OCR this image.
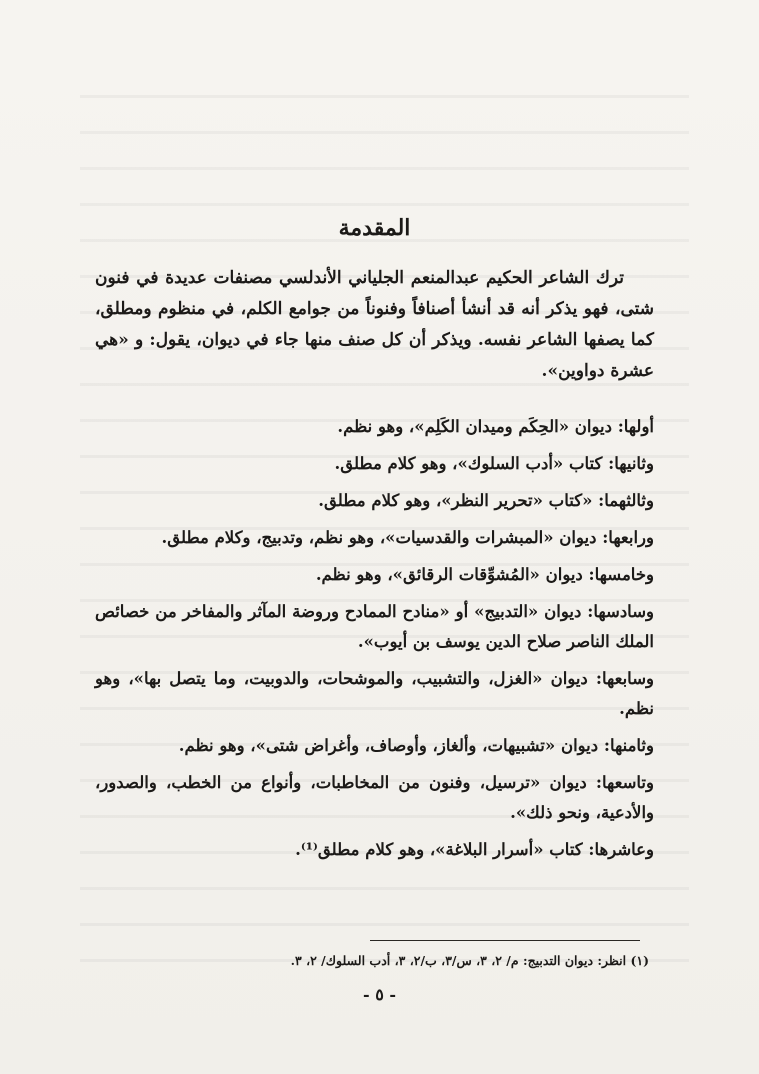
المقدمة

ترك الشاعر الحكيم عبدالمنعم الجلياني الأندلسي مصنفات عديدة في فنون شتى، فهو يذكر أنه قد أنشأ أصنافاً وفنوناً من جوامع الكلم، في منظوم ومطلق، كما يصفها الشاعر نفسه. ويذكر أن كل صنف منها جاء في ديوان، يقول: و «هي عشرة دواوين».

أولها: ديوان «الحِكَم وميدان الكَلِم»، وهو نظم.

وثانيها: كتاب «أدب السلوك»، وهو كلام مطلق.

وثالثهما: «كتاب «تحرير النظر»، وهو كلام مطلق.

ورابعها: ديوان «المبشرات والقدسيات»، وهو نظم، وتدبيج، وكلام مطلق.

وخامسها: ديوان «المُشوِّقات الرقائق»، وهو نظم.

وسادسها: ديوان «التدبيج» أو «منادح الممادح وروضة المآثر والمفاخر من خصائص الملك الناصر صلاح الدين يوسف بن أيوب».

وسابعها: ديوان «الغزل، والتشبيب، والموشحات، والدوبيت، وما يتصل بها»، وهو نظم.

وثامنها: ديوان «تشبيهات، وألغاز، وأوصاف، وأغراض شتى»، وهو نظم.

وتاسعها: ديوان «ترسيل، وفنون من المخاطبات، وأنواع من الخطب، والصدور، والأدعية، ونحو ذلك».

وعاشرها: كتاب «أسرار البلاغة»، وهو كلام مطلق⁽¹⁾.

(١) انظر: ديوان التدبيج: م/ ٢، ٣، س/٣، ب/٢، ٣، أدب السلوك/ ٢، ٣.
- ٥ -
